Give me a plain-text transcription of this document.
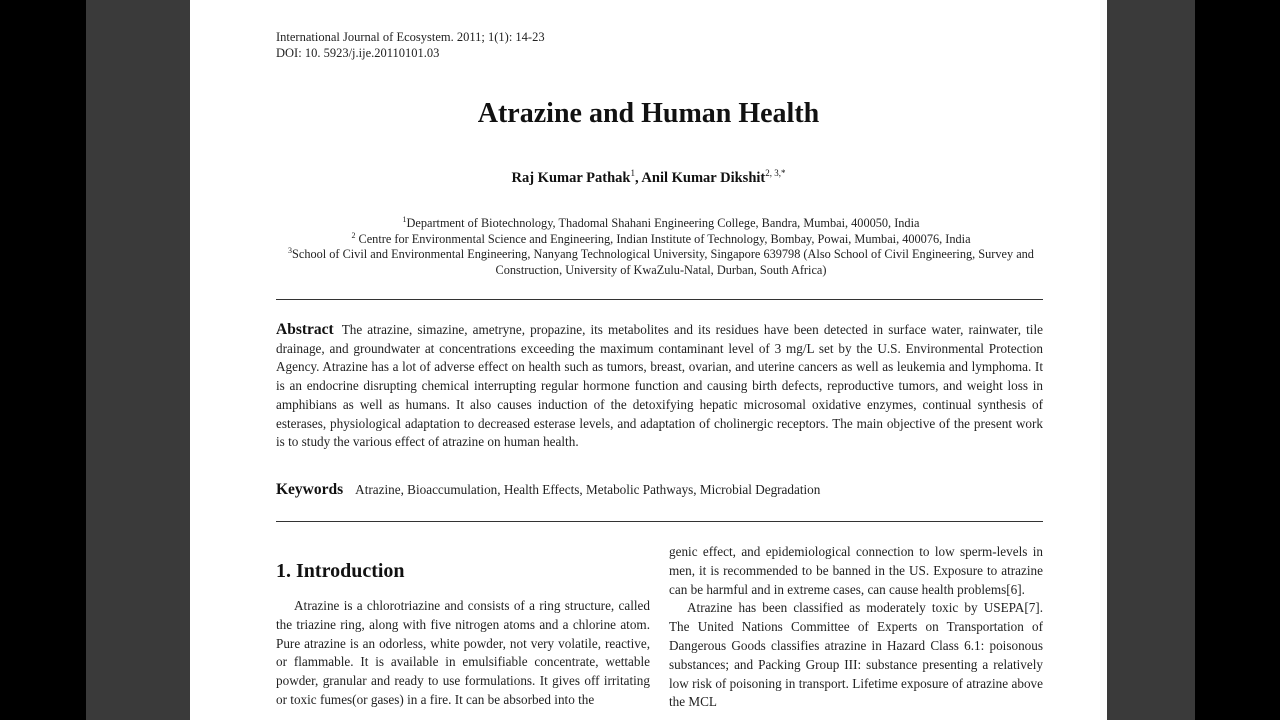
International Journal of Ecosystem. 2011; 1(1): 14-23
DOI: 10. 5923/j.ije.20110101.03
Atrazine and Human Health
Raj Kumar Pathak$^1$, Anil Kumar Dikshit$^{2, 3,*}$
$^1$Department of Biotechnology, Thadomal Shahani Engineering College, Bandra, Mumbai, 400050, India
$^2$ Centre for Environmental Science and Engineering, Indian Institute of Technology, Bombay, Powai, Mumbai, 400076, India
$^3$School of Civil and Environmental Engineering, Nanyang Technological University, Singapore 639798 (Also School of Civil Engineering, Survey and Construction, University of KwaZulu-Natal, Durban, South Africa)
Abstract The atrazine, simazine, ametryne, propazine, its metabolites and its residues have been detected in surface water, rainwater, tile drainage, and groundwater at concentrations exceeding the maximum contaminant level of 3 mg/L set by the U.S. Environmental Protection Agency. Atrazine has a lot of adverse effect on health such as tumors, breast, ovarian, and uterine cancers as well as leukemia and lymphoma. It is an endocrine disrupting chemical interrupting regular hormone function and causing birth defects, reproductive tumors, and weight loss in amphibians as well as humans. It also causes induction of the detoxifying hepatic microsomal oxidative enzymes, continual synthesis of esterases, physiological adaptation to decreased esterase levels, and adaptation of cholinergic receptors. The main objective of the present work is to study the various effect of atrazine on human health.
Keywords Atrazine, Bioaccumulation, Health Effects, Metabolic Pathways, Microbial Degradation
1. Introduction

Atrazine is a chlorotriazine and consists of a ring structure, called the triazine ring, along with five nitrogen atoms and a chlorine atom. Pure atrazine is an odorless, white powder, not very volatile, reactive, or flammable. It is available in emulsifiable concentrate, wettable powder, granular and ready to use formulations. It gives off irritating or toxic fumes(or gases) in a fire. It can be absorbed into the

genic effect, and epidemiological connection to low sperm-levels in men, it is recommended to be banned in the US. Exposure to atrazine can be harmful and in extreme cases, can cause health problems[6].

Atrazine has been classified as moderately toxic by USEPA[7]. The United Nations Committee of Experts on Transportation of Dangerous Goods classifies atrazine in Hazard Class 6.1: poisonous substances; and Packing Group III: substance presenting a relatively low risk of poisoning in transport. Lifetime exposure of atrazine above the MCL
